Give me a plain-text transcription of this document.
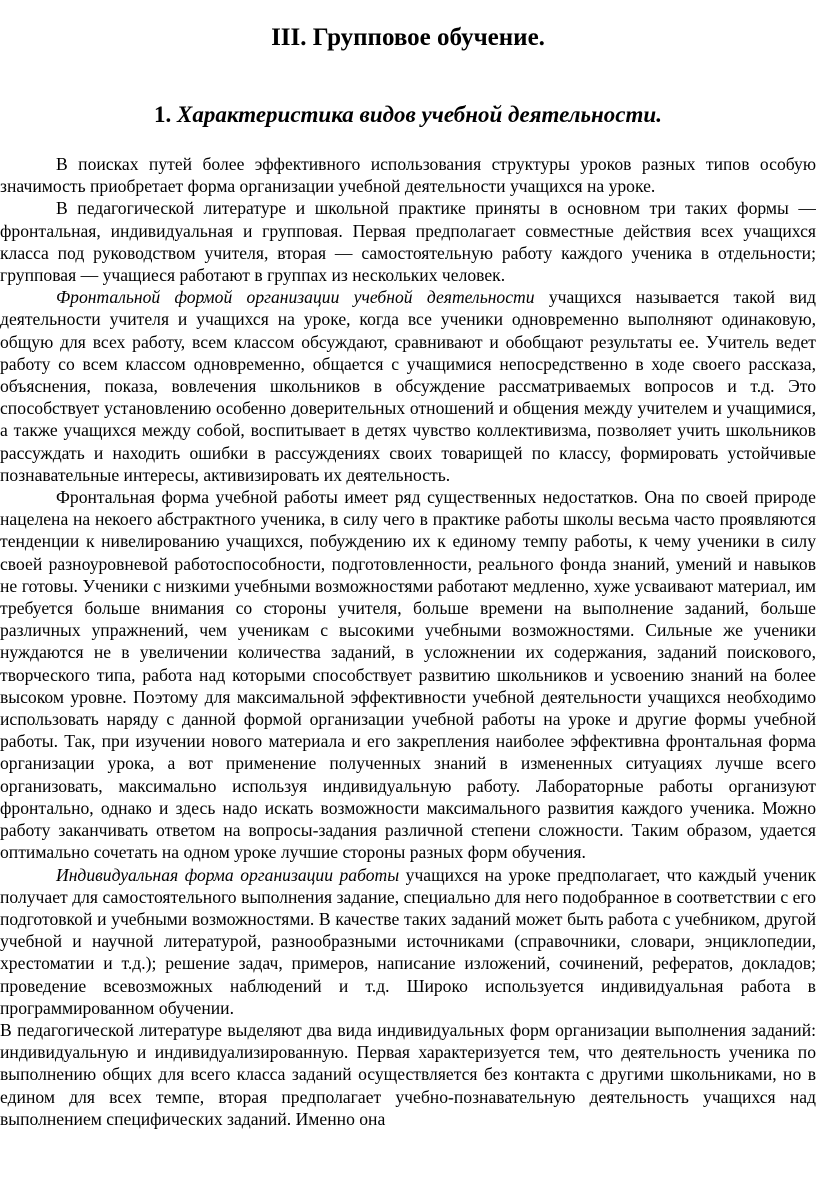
III. Групповое обучение.
1. Характеристика видов учебной деятельности.

В поисках путей более эффективного использования структуры уроков разных типов особую значимость приобретает форма организации учебной деятельности учащихся на уроке.

В педагогической литературе и школьной практике приняты в основном три таких формы — фронтальная, индивидуальная и групповая. Первая предполагает совместные действия всех учащихся класса под руководством учителя, вторая — самостоятельную работу каждого ученика в отдельности; групповая — учащиеся работают в группах из нескольких человек.

Фронтальной формой организации учебной деятельности учащихся называется такой вид деятельности учителя и учащихся на уроке, когда все ученики одновременно выполняют одинаковую, общую для всех работу, всем классом обсуждают, сравнивают и обобщают результаты ее. Учитель ведет работу со всем классом одновременно, общается с учащимися непосредственно в ходе своего рассказа, объяснения, показа, вовлечения школьников в обсуждение рассматриваемых вопросов и т.д. Это способствует установлению особенно доверительных отношений и общения между учителем и учащимися, а также учащихся между собой, воспитывает в детях чувство коллективизма, позволяет учить школьников рассуждать и находить ошибки в рассуждениях своих товарищей по классу, формировать устойчивые познавательные интересы, активизировать их деятельность.

Фронтальная форма учебной работы имеет ряд существенных недостатков. Она по своей природе нацелена на некоего абстрактного ученика, в силу чего в практике работы школы весьма часто проявляются тенденции к нивелированию учащихся, побуждению их к единому темпу работы, к чему ученики в силу своей разноуровневой работоспособности, подготовленности, реального фонда знаний, умений и навыков не готовы. Ученики с низкими учебными возможностями работают медленно, хуже усваивают материал, им требуется больше внимания со стороны учителя, больше времени на выполнение заданий, больше различных упражнений, чем ученикам с высокими учебными возможностями. Сильные же ученики нуждаются не в увеличении количества заданий, в усложнении их содержания, заданий поискового, творческого типа, работа над которыми способствует развитию школьников и усвоению знаний на более высоком уровне. Поэтому для максимальной эффективности учебной деятельности учащихся необходимо использовать наряду с данной формой организации учебной работы на уроке и другие формы учебной работы. Так, при изучении нового материала и его закрепления наиболее эффективна фронтальная форма организации урока, а вот применение полученных знаний в измененных ситуациях лучше всего организовать, максимально используя индивидуальную работу. Лабораторные работы организуют фронтально, однако и здесь надо искать возможности максимального развития каждого ученика. Можно работу заканчивать ответом на вопросы-задания различной степени сложности. Таким образом, удается оптимально сочетать на одном уроке лучшие стороны разных форм обучения.

Индивидуальная форма организации работы учащихся на уроке предполагает, что каждый ученик получает для самостоятельного выполнения задание, специально для него подобранное в соответствии с его подготовкой и учебными возможностями. В качестве таких заданий может быть работа с учебником, другой учебной и научной литературой, разнообразными источниками (справочники, словари, энциклопедии, хрестоматии и т.д.); решение задач, примеров, написание изложений, сочинений, рефератов, докладов; проведение всевозможных наблюдений и т.д. Широко используется индивидуальная работа в программированном обучении.

В педагогической литературе выделяют два вида индивидуальных форм организации выполнения заданий: индивидуальную и индивидуализированную. Первая характеризуется тем, что деятельность ученика по выполнению общих для всего класса заданий осуществляется без контакта с другими школьниками, но в едином для всех темпе, вторая предполагает учебно-познавательную деятельность учащихся над выполнением специфических заданий. Именно она
